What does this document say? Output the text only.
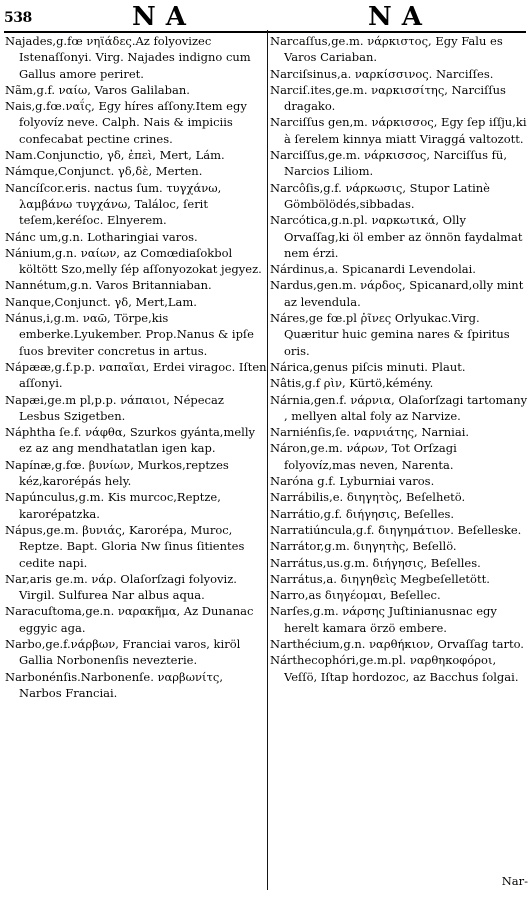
538	NA	NA

Najades,g.fœ νηϊάδες.Az folyovizec Istenaſſonyi. Virg. Najades indigno cum Gallus amore periret.

Nãm,g.f. ναίω, Varos Galilaban.

Nais,g.fœ.ναΐς, Egy híres aſſony.Item egy folyovíz neve. Calph. Nais & impiciis confecabat pectine crines.

Nam.Conjunctio, γδ, ἐπεὶ, Mert, Lám.

Námque,Conjunct. γδ,δὲ, Merten.

Nancíſcor.eris. nactus ſum. τυγχάνω, λαμβάνω τυγχάνω, Találoc, ſerit teſem,keréſoc. Elnyerem.

Nánc um,g.n. Lotharingiai varos.

Nánium,g.n. ναίων, az Comœdiaſokbol költött Szo,melly ſép aſſonyozokat jegyez.

Nannétum,g.n. Varos Britanniaban.

Nanque,Conjunct. γδ, Mert,Lam.

Nánus,i,g.m. ναῶ, Törpe,kis emberke.Lyukember. Prop.Nanus & ipſe ſuos breviter concretus in artus.

Nápææ,g.f.p.p. ναπαῖαι, Erdei viragoc. Iſten aſſonyi.

Napæi,ge.m pl,p.p. νάπαιοι, Népecaz Lesbus Szigetben.

Náphtha ſe.f. νάφθα, Szurkos gyánta,melly ez az ang mendhatatlan igen kap.

Napínæ,g.fœ. βυνίων, Murkos,reptzes kéz,karorépás hely.

Napúnculus,g.m. Kis murcoc,Reptze, karorépatzka.

Nápus,ge.m. βυνιάς, Karorépa, Muroc, Reptze. Bapt. Gloria Nw ſinus ſitientes cedite napi.

Nar,aris ge.m. νάρ. Olaſorſzagi folyoviz. Virgil. Sulfurea Nar albus aqua.

Naracuſtoma,ge.n. ναρακῆμα, Az Dunanac eggyic aga.

Narbo,ge.f.νάρβων, Franciai varos, kiröl Gallia Norbonenſis nevezterie.

Narbonénſis.Narbonenſe. ναρβωνίτς, Narbos Franciai.

Narcaſſus,ge.m. νάρκιστος, Egy Falu es Varos Cariaban.

Narciſsinus,a. ναρκίσσινος. Narciſſes.

Narciſ.ites,ge.m. ναρκισσίτης, Narciſſus dragako.

Narciſſus gen,m. νάρκισσος, Egy ſep iſſju,ki à ſerelem kinnya miatt Viraggá valtozott.

Narciſſus,ge.m. νάρκισσος, Narciſſus fü, Narcios Liliom.

Narcôſis,g.f. νάρκωσις, Stupor Latinè Gömbölödés,sibbadas.

Narcótica,g.n.pl. ναρκωτικά, Olly Orvaſſag,ki öl ember az önnön faydalmat nem érzi.

Nárdinus,a. Spicanardi Levendolai.

Nardus,gen.m. νάρδος, Spicanard,olly mint az levendula.

Náres,ge fœ.pl ῥῖνες Orlyukac.Virg. Quæritur huic gemina nares & ſpiritus oris.

Nárica,genus piſcis minuti. Plaut.

Nâtis,g.f ρὶν, Kürtö,kémény.

Nárnia,gen.f. νάρνια, Olaſorſzagi tartomany , mellyen altal foly az Narvize.

Narniénſis,ſe. ναρνιάτης, Narniai.

Náron,ge.m. νάρων, Tot Orſzagi folyovíz,mas neven, Narenta.

Naróna g.f. Lyburniai varos.

Narrábilis,e. διηγητὸς, Beſelhetö.

Narrátio,g.f. διήγησις, Beſelles.

Narratiúncula,g.f. διηγημάτιον. Beſelleske.

Narrátor,g.m. διηγητὴς, Beſellö.

Narrátus,us.g.m. διήγησις, Beſelles.

Narrátus,a. διηγηθεὶς Megbeſelletött.

Narro,as διηγέομαι, Beſellec.

Narſes,g.m. νάρσης Juſtinianusnac egy herelt kamara örzö embere.

Narthécium,g.n. ναρθήκιον, Orvaſſag tarto.

Nárthecophóri,ge.m.pl. ναρθηκοφόροι, Veſſö, Iſtap hordozoc, az Bacchus ſolgai.

Nar-
